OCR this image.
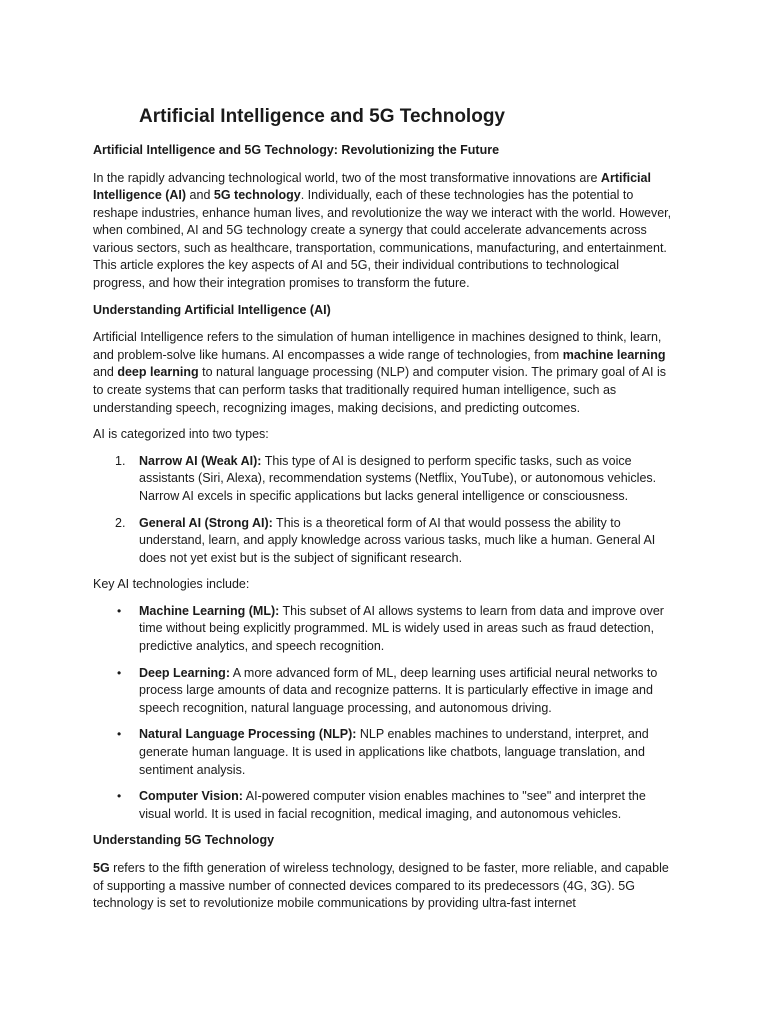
Artificial Intelligence and 5G Technology
Artificial Intelligence and 5G Technology: Revolutionizing the Future

In the rapidly advancing technological world, two of the most transformative innovations are Artificial Intelligence (AI) and 5G technology. Individually, each of these technologies has the potential to reshape industries, enhance human lives, and revolutionize the way we interact with the world. However, when combined, AI and 5G technology create a synergy that could accelerate advancements across various sectors, such as healthcare, transportation, communications, manufacturing, and entertainment. This article explores the key aspects of AI and 5G, their individual contributions to technological progress, and how their integration promises to transform the future.

Understanding Artificial Intelligence (AI)

Artificial Intelligence refers to the simulation of human intelligence in machines designed to think, learn, and problem-solve like humans. AI encompasses a wide range of technologies, from machine learning and deep learning to natural language processing (NLP) and computer vision. The primary goal of AI is to create systems that can perform tasks that traditionally required human intelligence, such as understanding speech, recognizing images, making decisions, and predicting outcomes.

AI is categorized into two types:

1. Narrow AI (Weak AI): This type of AI is designed to perform specific tasks, such as voice assistants (Siri, Alexa), recommendation systems (Netflix, YouTube), or autonomous vehicles. Narrow AI excels in specific applications but lacks general intelligence or consciousness.
2. General AI (Strong AI): This is a theoretical form of AI that would possess the ability to understand, learn, and apply knowledge across various tasks, much like a human. General AI does not yet exist but is the subject of significant research.

Key AI technologies include:

• Machine Learning (ML): This subset of AI allows systems to learn from data and improve over time without being explicitly programmed. ML is widely used in areas such as fraud detection, predictive analytics, and speech recognition.
• Deep Learning: A more advanced form of ML, deep learning uses artificial neural networks to process large amounts of data and recognize patterns. It is particularly effective in image and speech recognition, natural language processing, and autonomous driving.
• Natural Language Processing (NLP): NLP enables machines to understand, interpret, and generate human language. It is used in applications like chatbots, language translation, and sentiment analysis.
• Computer Vision: AI-powered computer vision enables machines to "see" and interpret the visual world. It is used in facial recognition, medical imaging, and autonomous vehicles.
Understanding 5G Technology

5G refers to the fifth generation of wireless technology, designed to be faster, more reliable, and capable of supporting a massive number of connected devices compared to its predecessors (4G, 3G). 5G technology is set to revolutionize mobile communications by providing ultra-fast internet
